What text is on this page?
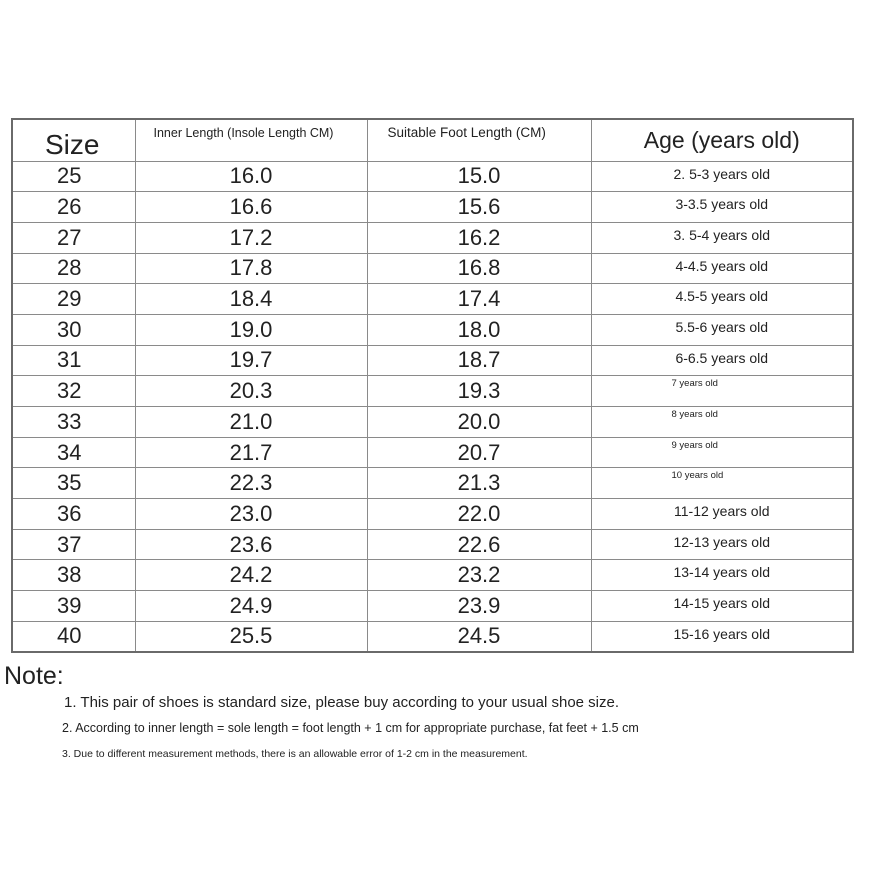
Size	Inner Length (Insole Length CM)	Suitable Foot Length (CM)	Age (years old)
25	16.0	15.0	2. 5-3 years old
26	16.6	15.6	3-3.5 years old
27	17.2	16.2	3. 5-4 years old
28	17.8	16.8	4-4.5 years old
29	18.4	17.4	4.5-5 years old
30	19.0	18.0	5.5-6 years old
31	19.7	18.7	6-6.5 years old
32	20.3	19.3	7 years old
33	21.0	20.0	8 years old
34	21.7	20.7	9 years old
35	22.3	21.3	10 years old
36	23.0	22.0	11-12 years old
37	23.6	22.6	12-13 years old
38	24.2	23.2	13-14 years old
39	24.9	23.9	14-15 years old
40	25.5	24.5	15-16 years old
Note:
1. This pair of shoes is standard size, please buy according to your usual shoe size.
2. According to inner length = sole length = foot length + 1 cm for appropriate purchase, fat feet + 1.5 cm
3. Due to different measurement methods, there is an allowable error of 1-2 cm in the measurement.
